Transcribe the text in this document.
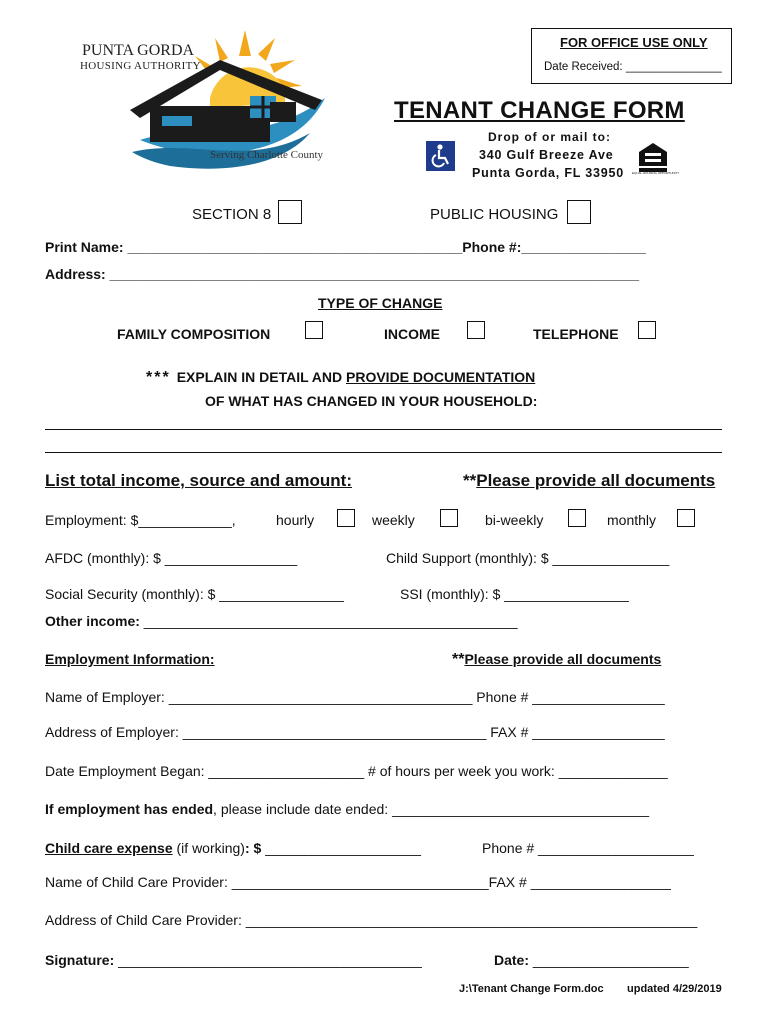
PUNTA GORDA
HOUSING AUTHORITY
Serving Charlotte County
FOR OFFICE USE ONLY
Date Received: _______________
TENANT CHANGE FORM
Drop of or mail to:
340 Gulf Breeze Ave
Punta Gorda, FL 33950	EQUAL HOUSING OPPORTUNITY
SECTION 8	PUBLIC HOUSING
Print Name: ___________________________________________Phone #:________________
Address: ____________________________________________________________________
TYPE OF CHANGE
FAMILY COMPOSITION	INCOME	TELEPHONE
*** EXPLAIN IN DETAIL AND PROVIDE DOCUMENTATION
OF WHAT HAS CHANGED IN YOUR HOUSEHOLD:
List total income, source and amount:	**Please provide all documents
Employment: $____________,	hourly	weekly	bi-weekly	monthly
AFDC (monthly): $ _________________	Child Support (monthly): $ _______________
Social Security (monthly): $ ________________	SSI (monthly): $ ________________
Other income: ________________________________________________
Employment Information:	**Please provide all documents
Name of Employer: _______________________________________ Phone # _________________
Address of Employer: _______________________________________ FAX # _________________
Date Employment Began: ____________________ # of hours per week you work: ______________
If employment has ended, please include date ended: _________________________________
Child care expense (if working): $ ____________________	Phone # ____________________
Name of Child Care Provider: _________________________________FAX # __________________
Address of Child Care Provider: __________________________________________________________
Signature: _______________________________________	Date: ____________________
J:\Tenant Change Form.doc updated 4/29/2019
